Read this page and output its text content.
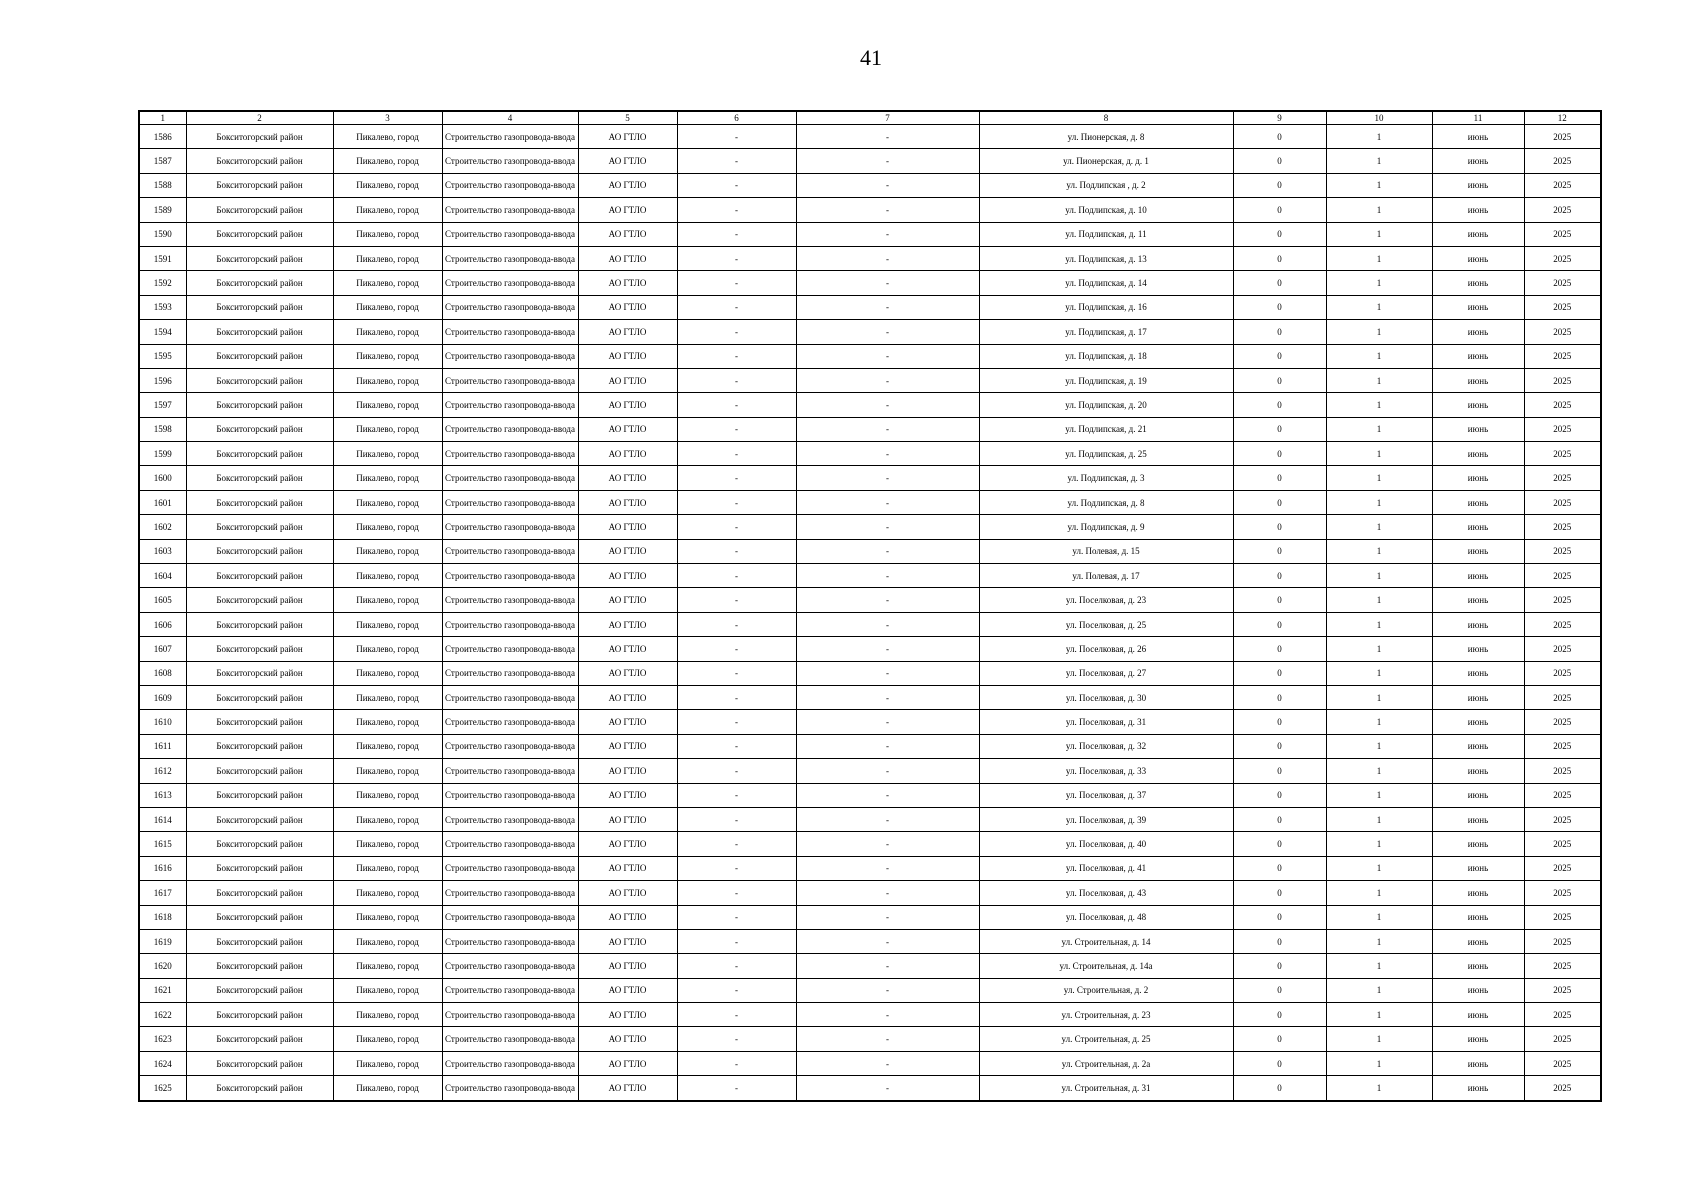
41
1	2	3	4	5	6	7	8	9	10	11	12
1586	Бокситогорский район	Пикалево, город	Строительство газопровода-ввода	АО ГТЛО	-	-	ул. Пионерская, д. 8	0	1	июнь	2025
1587	Бокситогорский район	Пикалево, город	Строительство газопровода-ввода	АО ГТЛО	-	-	ул. Пионерская, д. д. 1	0	1	июнь	2025
1588	Бокситогорский район	Пикалево, город	Строительство газопровода-ввода	АО ГТЛО	-	-	ул. Подлипская , д. 2	0	1	июнь	2025
1589	Бокситогорский район	Пикалево, город	Строительство газопровода-ввода	АО ГТЛО	-	-	ул. Подлипская, д. 10	0	1	июнь	2025
1590	Бокситогорский район	Пикалево, город	Строительство газопровода-ввода	АО ГТЛО	-	-	ул. Подлипская, д. 11	0	1	июнь	2025
1591	Бокситогорский район	Пикалево, город	Строительство газопровода-ввода	АО ГТЛО	-	-	ул. Подлипская, д. 13	0	1	июнь	2025
1592	Бокситогорский район	Пикалево, город	Строительство газопровода-ввода	АО ГТЛО	-	-	ул. Подлипская, д. 14	0	1	июнь	2025
1593	Бокситогорский район	Пикалево, город	Строительство газопровода-ввода	АО ГТЛО	-	-	ул. Подлипская, д. 16	0	1	июнь	2025
1594	Бокситогорский район	Пикалево, город	Строительство газопровода-ввода	АО ГТЛО	-	-	ул. Подлипская, д. 17	0	1	июнь	2025
1595	Бокситогорский район	Пикалево, город	Строительство газопровода-ввода	АО ГТЛО	-	-	ул. Подлипская, д. 18	0	1	июнь	2025
1596	Бокситогорский район	Пикалево, город	Строительство газопровода-ввода	АО ГТЛО	-	-	ул. Подлипская, д. 19	0	1	июнь	2025
1597	Бокситогорский район	Пикалево, город	Строительство газопровода-ввода	АО ГТЛО	-	-	ул. Подлипская, д. 20	0	1	июнь	2025
1598	Бокситогорский район	Пикалево, город	Строительство газопровода-ввода	АО ГТЛО	-	-	ул. Подлипская, д. 21	0	1	июнь	2025
1599	Бокситогорский район	Пикалево, город	Строительство газопровода-ввода	АО ГТЛО	-	-	ул. Подлипская, д. 25	0	1	июнь	2025
1600	Бокситогорский район	Пикалево, город	Строительство газопровода-ввода	АО ГТЛО	-	-	ул. Подлипская, д. 3	0	1	июнь	2025
1601	Бокситогорский район	Пикалево, город	Строительство газопровода-ввода	АО ГТЛО	-	-	ул. Подлипская, д. 8	0	1	июнь	2025
1602	Бокситогорский район	Пикалево, город	Строительство газопровода-ввода	АО ГТЛО	-	-	ул. Подлипская, д. 9	0	1	июнь	2025
1603	Бокситогорский район	Пикалево, город	Строительство газопровода-ввода	АО ГТЛО	-	-	ул. Полевая, д. 15	0	1	июнь	2025
1604	Бокситогорский район	Пикалево, город	Строительство газопровода-ввода	АО ГТЛО	-	-	ул. Полевая, д. 17	0	1	июнь	2025
1605	Бокситогорский район	Пикалево, город	Строительство газопровода-ввода	АО ГТЛО	-	-	ул. Поселковая, д. 23	0	1	июнь	2025
1606	Бокситогорский район	Пикалево, город	Строительство газопровода-ввода	АО ГТЛО	-	-	ул. Поселковая, д. 25	0	1	июнь	2025
1607	Бокситогорский район	Пикалево, город	Строительство газопровода-ввода	АО ГТЛО	-	-	ул. Поселковая, д. 26	0	1	июнь	2025
1608	Бокситогорский район	Пикалево, город	Строительство газопровода-ввода	АО ГТЛО	-	-	ул. Поселковая, д. 27	0	1	июнь	2025
1609	Бокситогорский район	Пикалево, город	Строительство газопровода-ввода	АО ГТЛО	-	-	ул. Поселковая, д. 30	0	1	июнь	2025
1610	Бокситогорский район	Пикалево, город	Строительство газопровода-ввода	АО ГТЛО	-	-	ул. Поселковая, д. 31	0	1	июнь	2025
1611	Бокситогорский район	Пикалево, город	Строительство газопровода-ввода	АО ГТЛО	-	-	ул. Поселковая, д. 32	0	1	июнь	2025
1612	Бокситогорский район	Пикалево, город	Строительство газопровода-ввода	АО ГТЛО	-	-	ул. Поселковая, д. 33	0	1	июнь	2025
1613	Бокситогорский район	Пикалево, город	Строительство газопровода-ввода	АО ГТЛО	-	-	ул. Поселковая, д. 37	0	1	июнь	2025
1614	Бокситогорский район	Пикалево, город	Строительство газопровода-ввода	АО ГТЛО	-	-	ул. Поселковая, д. 39	0	1	июнь	2025
1615	Бокситогорский район	Пикалево, город	Строительство газопровода-ввода	АО ГТЛО	-	-	ул. Поселковая, д. 40	0	1	июнь	2025
1616	Бокситогорский район	Пикалево, город	Строительство газопровода-ввода	АО ГТЛО	-	-	ул. Поселковая, д. 41	0	1	июнь	2025
1617	Бокситогорский район	Пикалево, город	Строительство газопровода-ввода	АО ГТЛО	-	-	ул. Поселковая, д. 43	0	1	июнь	2025
1618	Бокситогорский район	Пикалево, город	Строительство газопровода-ввода	АО ГТЛО	-	-	ул. Поселковая, д. 48	0	1	июнь	2025
1619	Бокситогорский район	Пикалево, город	Строительство газопровода-ввода	АО ГТЛО	-	-	ул. Строительная, д. 14	0	1	июнь	2025
1620	Бокситогорский район	Пикалево, город	Строительство газопровода-ввода	АО ГТЛО	-	-	ул. Строительная, д. 14а	0	1	июнь	2025
1621	Бокситогорский район	Пикалево, город	Строительство газопровода-ввода	АО ГТЛО	-	-	ул. Строительная, д. 2	0	1	июнь	2025
1622	Бокситогорский район	Пикалево, город	Строительство газопровода-ввода	АО ГТЛО	-	-	ул. Строительная, д. 23	0	1	июнь	2025
1623	Бокситогорский район	Пикалево, город	Строительство газопровода-ввода	АО ГТЛО	-	-	ул. Строительная, д. 25	0	1	июнь	2025
1624	Бокситогорский район	Пикалево, город	Строительство газопровода-ввода	АО ГТЛО	-	-	ул. Строительная, д. 2а	0	1	июнь	2025
1625	Бокситогорский район	Пикалево, город	Строительство газопровода-ввода	АО ГТЛО	-	-	ул. Строительная, д. 31	0	1	июнь	2025
